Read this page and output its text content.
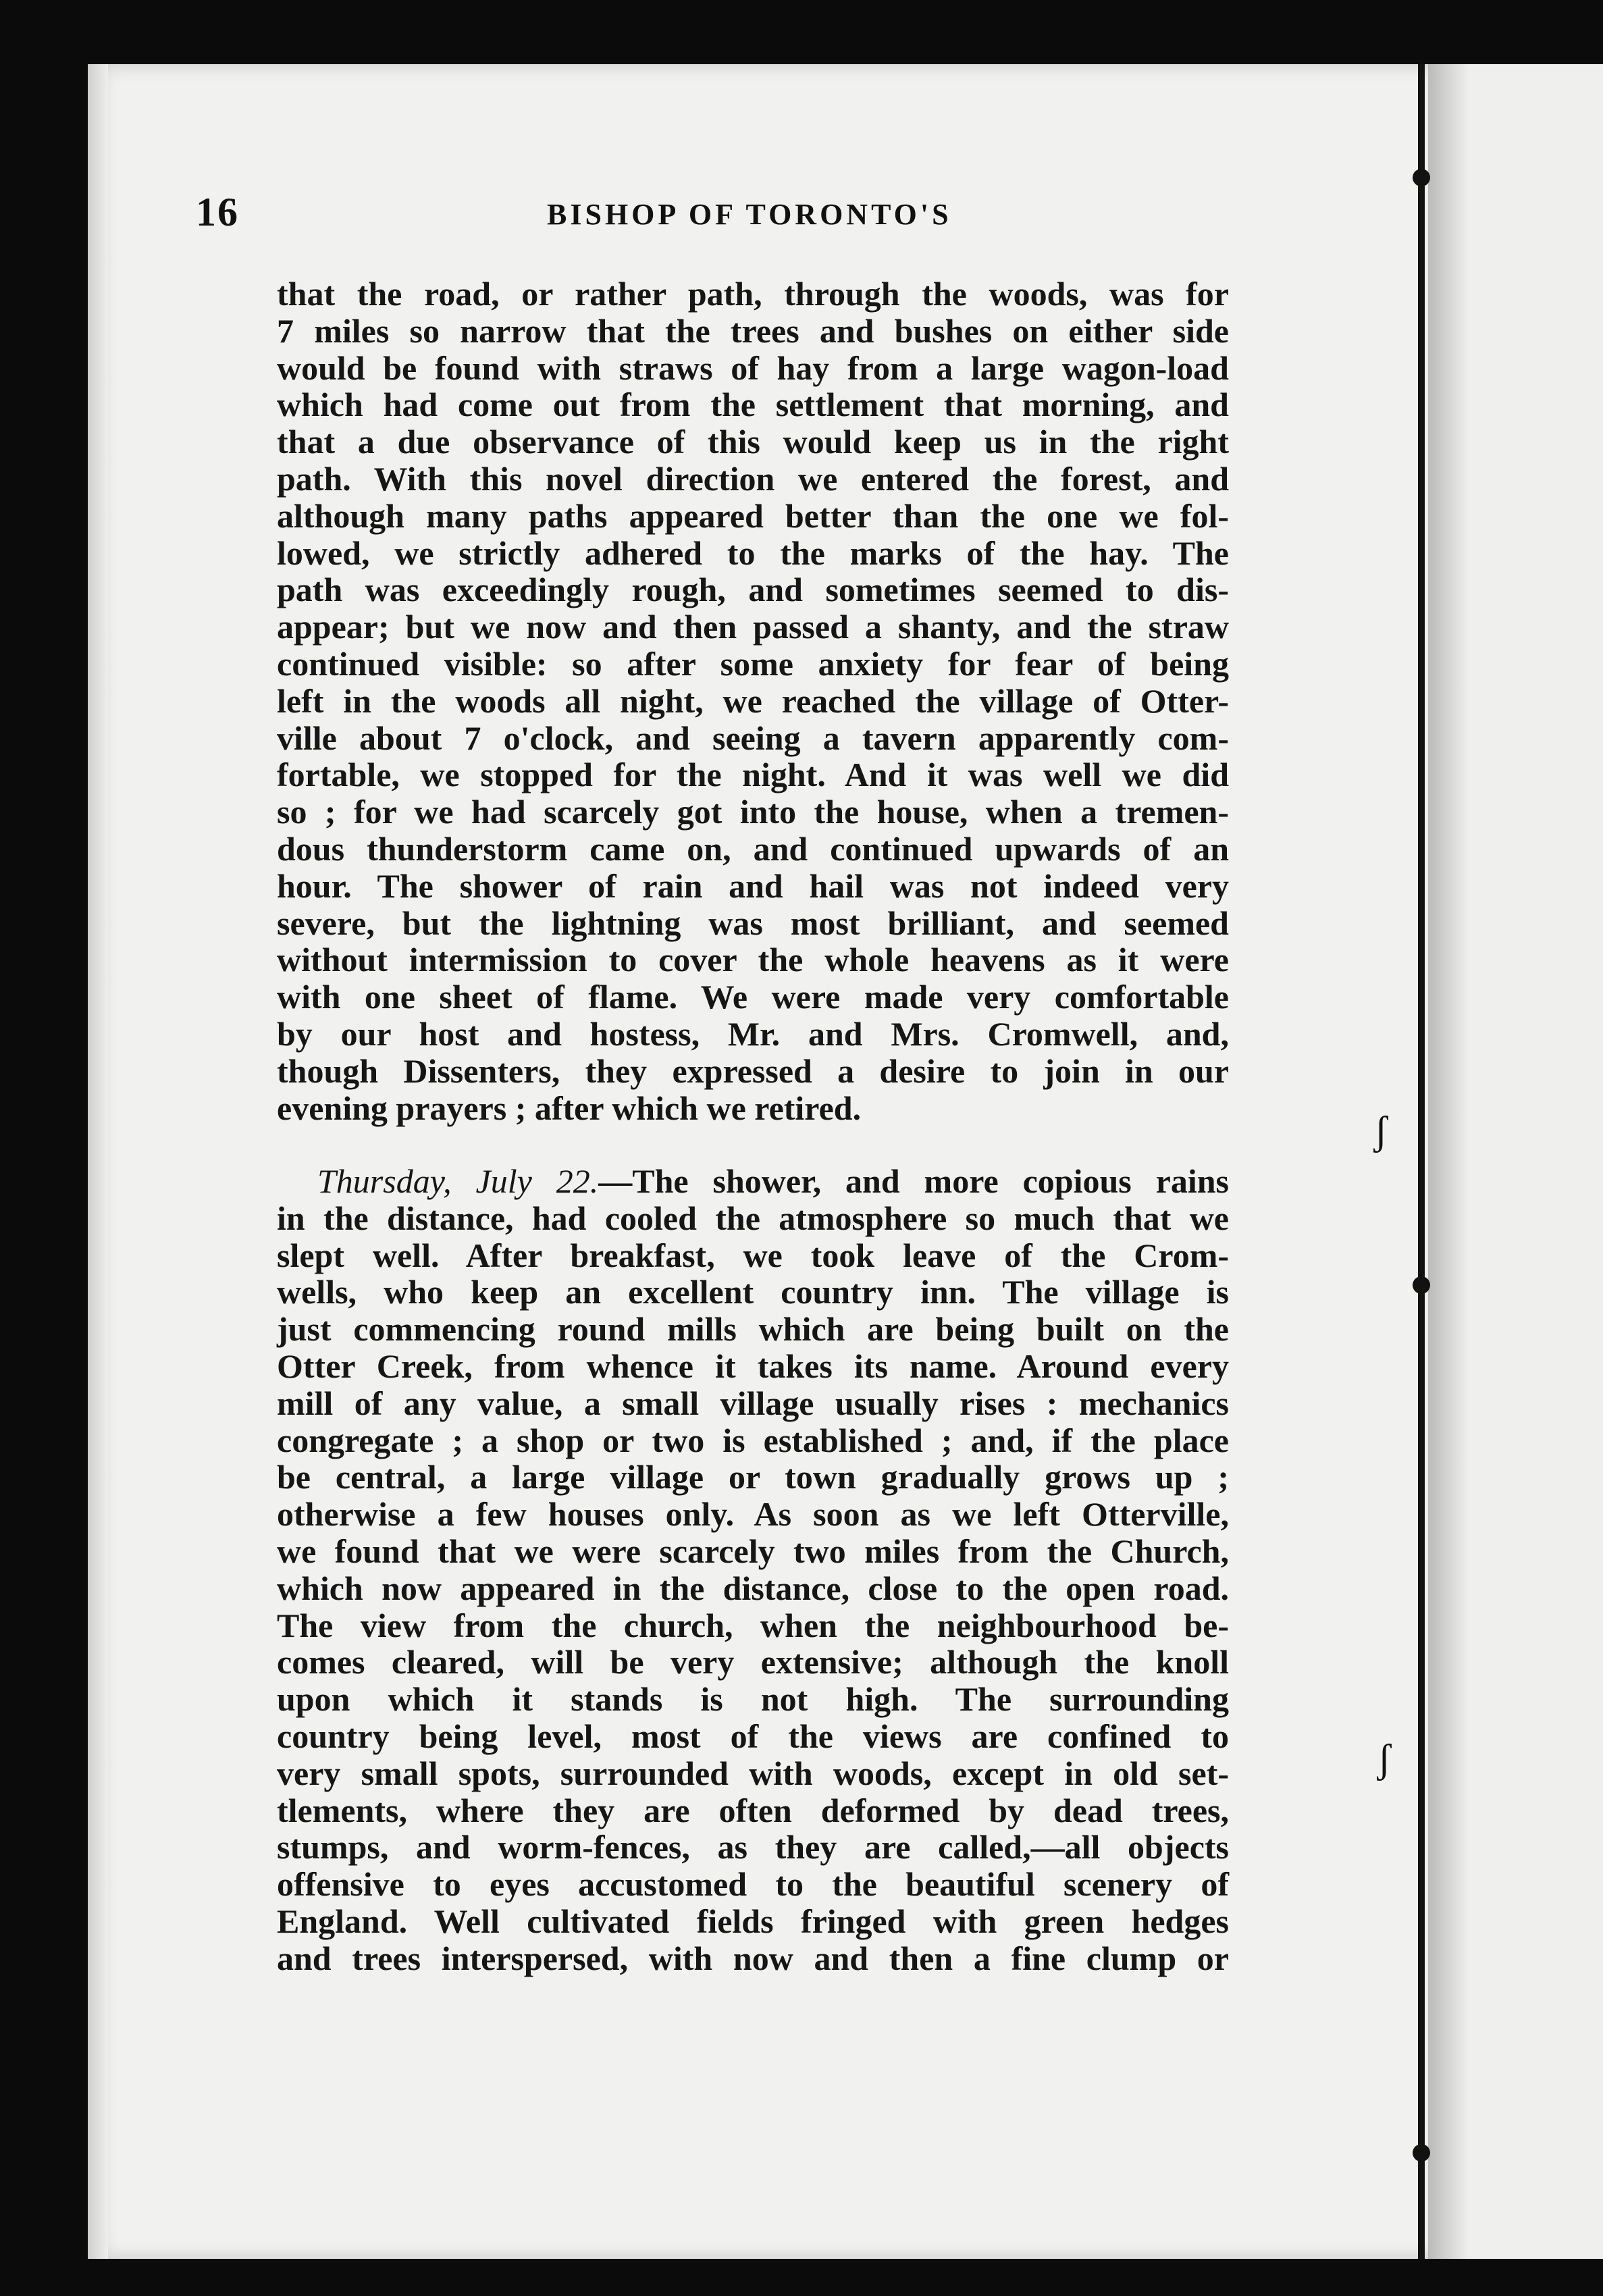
16	BISHOP OF TORONTO'S

that the road, or rather path, through the woods, was for
7 miles so narrow that the trees and bushes on either side
would be found with straws of hay from a large wagon-load
which had come out from the settlement that morning, and
that a due observance of this would keep us in the right
path. With this novel direction we entered the forest, and
although many paths appeared better than the one we fol-
lowed, we strictly adhered to the marks of the hay. The
path was exceedingly rough, and sometimes seemed to dis-
appear; but we now and then passed a shanty, and the straw
continued visible: so after some anxiety for fear of being
left in the woods all night, we reached the village of Otter-
ville about 7 o'clock, and seeing a tavern apparently com-
fortable, we stopped for the night. And it was well we did
so ; for we had scarcely got into the house, when a tremen-
dous thunderstorm came on, and continued upwards of an
hour. The shower of rain and hail was not indeed very
severe, but the lightning was most brilliant, and seemed
without intermission to cover the whole heavens as it were
with one sheet of flame. We were made very comfortable
by our host and hostess, Mr. and Mrs. Cromwell, and,
though Dissenters, they expressed a desire to join in our
evening prayers ; after which we retired.

Thursday, July 22.—The shower, and more copious rains
in the distance, had cooled the atmosphere so much that we
slept well. After breakfast, we took leave of the Crom-
wells, who keep an excellent country inn. The village is
just commencing round mills which are being built on the
Otter Creek, from whence it takes its name. Around every
mill of any value, a small village usually rises : mechanics
congregate ; a shop or two is established ; and, if the place
be central, a large village or town gradually grows up ;
otherwise a few houses only. As soon as we left Otterville,
we found that we were scarcely two miles from the Church,
which now appeared in the distance, close to the open road.
The view from the church, when the neighbourhood be-
comes cleared, will be very extensive; although the knoll
upon which it stands is not high. The surrounding
country being level, most of the views are confined to
very small spots, surrounded with woods, except in old set-
tlements, where they are often deformed by dead trees,
stumps, and worm-fences, as they are called,—all objects
offensive to eyes accustomed to the beautiful scenery of
England. Well cultivated fields fringed with green hedges
and trees interspersed, with now and then a fine clump or

ʃ
ʃ
